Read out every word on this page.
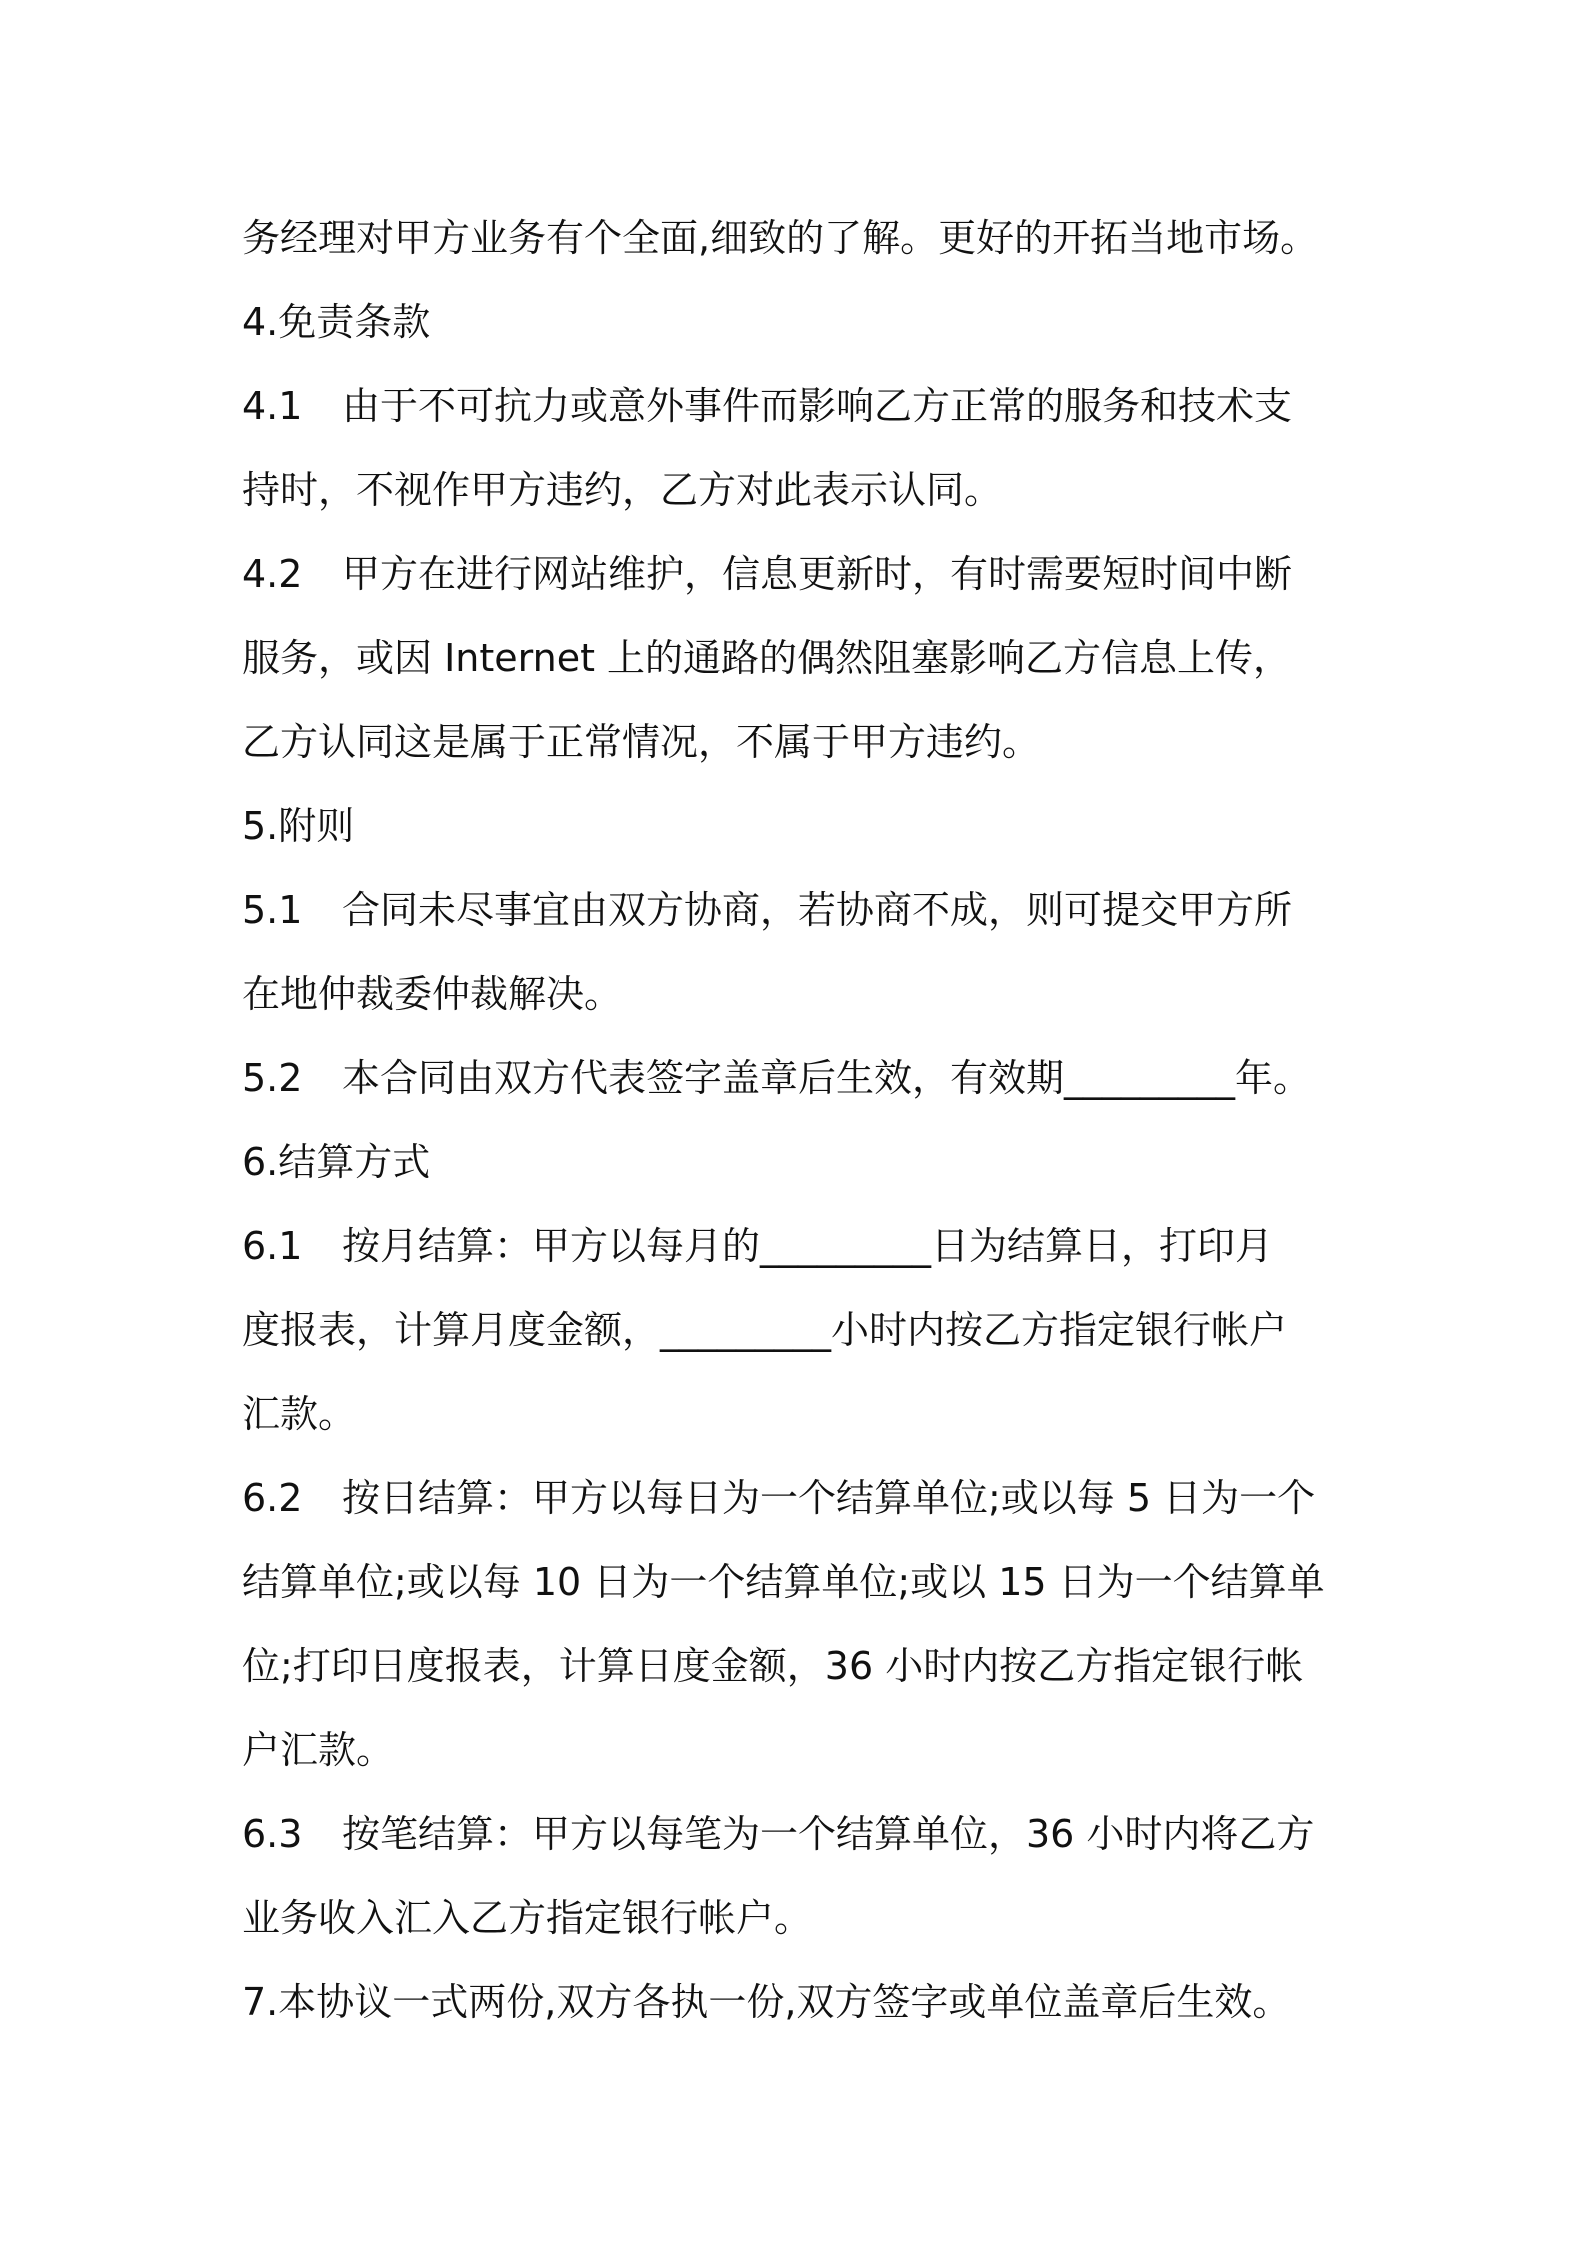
务经理对甲方业务有个全面,细致的了解。更好的开拓当地市场。
4.免责条款
4.1 由于不可抗力或意外事件而影响乙方正常的服务和技术支
持时，不视作甲方违约，乙方对此表示认同。
4.2 甲方在进行网站维护，信息更新时，有时需要短时间中断
服务，或因 Internet 上的通路的偶然阻塞影响乙方信息上传，
乙方认同这是属于正常情况，不属于甲方违约。
5.附则
5.1 合同未尽事宜由双方协商，若协商不成，则可提交甲方所
在地仲裁委仲裁解决。
5.2 本合同由双方代表签字盖章后生效，有效期_________年。
6.结算方式
6.1 按月结算：甲方以每月的_________日为结算日，打印月
度报表，计算月度金额，_________小时内按乙方指定银行帐户
汇款。
6.2 按日结算：甲方以每日为一个结算单位;或以每 5 日为一个
结算单位;或以每 10 日为一个结算单位;或以 15 日为一个结算单
位;打印日度报表，计算日度金额，36 小时内按乙方指定银行帐
户汇款。
6.3 按笔结算：甲方以每笔为一个结算单位，36 小时内将乙方
业务收入汇入乙方指定银行帐户。
7.本协议一式两份,双方各执一份,双方签字或单位盖章后生效。
